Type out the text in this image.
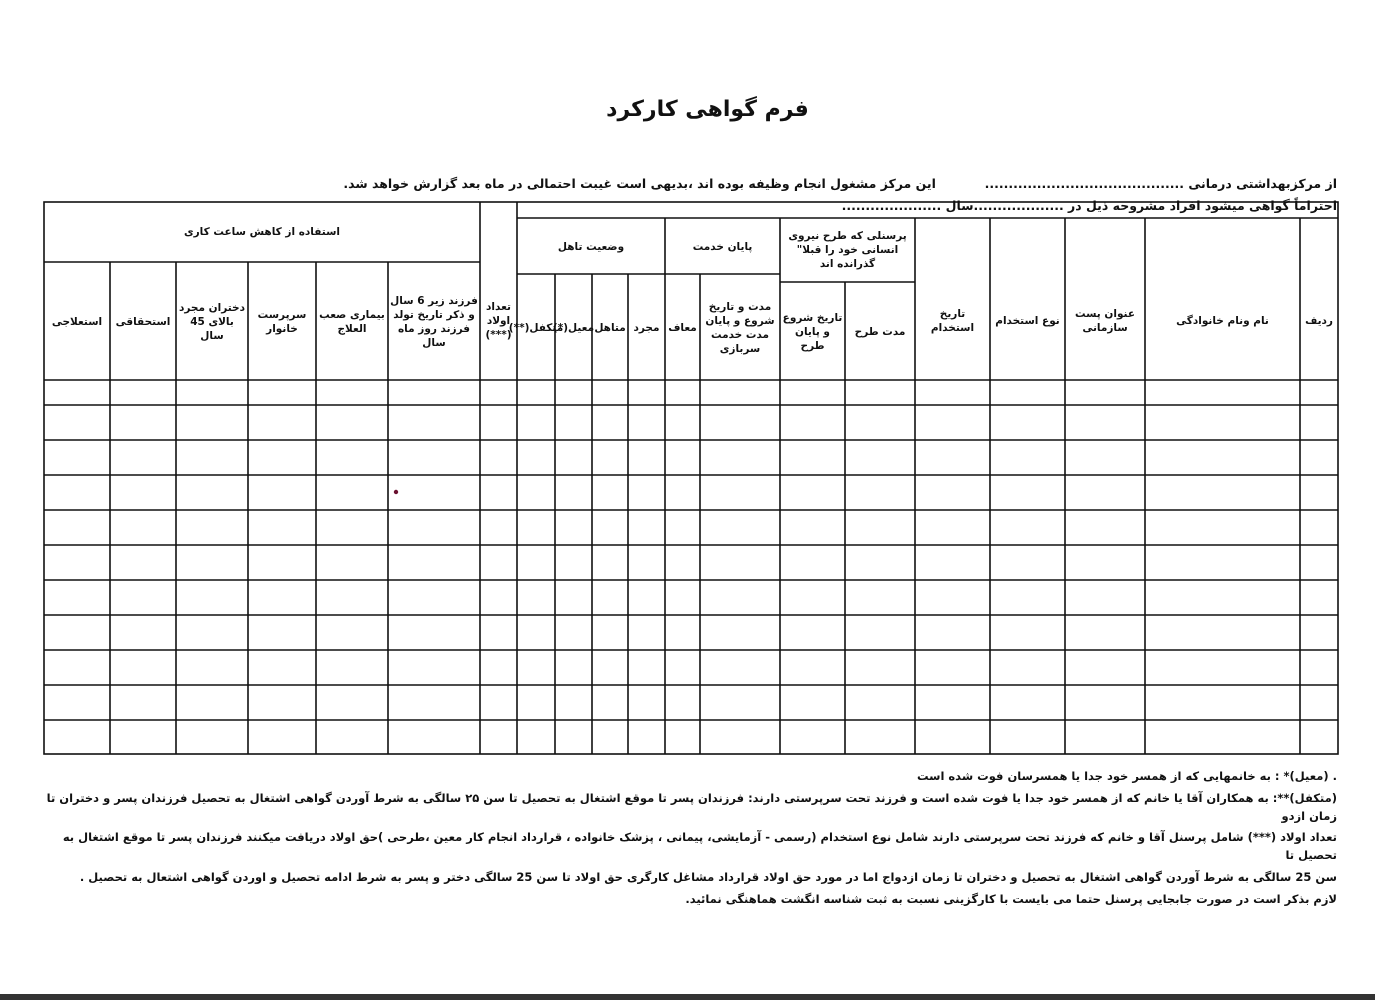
فرم گواهی کارکرد
از مرکزبهداشتی درمانی ..........................................  این مرکز مشغول انجام وظیفه بوده اند ،بدیهی است غیبت احتمالی در ماه بعد گزارش خواهد شد.
احتراماً گواهی میشود افراد مشروحه ذیل در ...................سال .....................
ردیف
نام ونام خانوادگی
عنوان پست سازمانی
نوع استخدام
تاریخ استخدام
پرسنلی که طرح نیروی انسانی خود را قبلا" گذرانده اند
مدت طرح
تاریخ شروع و پایان طرح
پایان خدمت
مدت و تاریخ شروع و پایان مدت خدمت سربازی
معاف
وضعیت تاهل
مجرد
متاهل
معیل(*)
متکفل(**)
تعداد اولاد (***)
استفاده از کاهش ساعت کاری
فرزند زیر 6 سال و ذکر تاریخ تولد فرزند روز ماه سال
بیماری صعب العلاج
سرپرست خانوار
دختران مجرد بالای 45 سال
استحقاقی
استعلاجی

. (معیل)* : به خانمهایی که از همسر خود جدا یا همسرسان فوت شده است

(متکفل)**: به همکاران آقا یا خانم که از همسر خود جدا یا فوت شده است و فرزند تحت سرپرستی دارند: فرزندان پسر تا موقع اشتغال به تحصیل تا سن ۲۵ سالگی به شرط آوردن گواهی اشتغال به تحصیل فرزندان پسر و دختران تا زمان ازدو

تعداد اولاد (***) شامل پرسنل آقا و خانم که فرزند تحت سرپرستی دارند شامل نوع استخدام (رسمی - آزمایشی، پیمانی ، پزشک خانواده ، قرارداد انجام کار معین ،طرحی )حق اولاد دریافت میکنند فرزندان پسر تا موقع اشتغال به تحصیل تا

سن 25 سالگی به شرط آوردن گواهی اشتغال به تحصیل و دختران تا زمان ازدواج اما در مورد حق اولاد قرارداد مشاغل کارگری حق اولاد تا سن 25 سالگی دختر و پسر به شرط ادامه تحصیل و اوردن گواهی اشتعال به تحصیل .

لازم بذکر است در صورت جابجایی پرسنل حتما می بایست با کارگزینی نسبت به ثبت شناسه انگشت هماهنگی نمائید.
